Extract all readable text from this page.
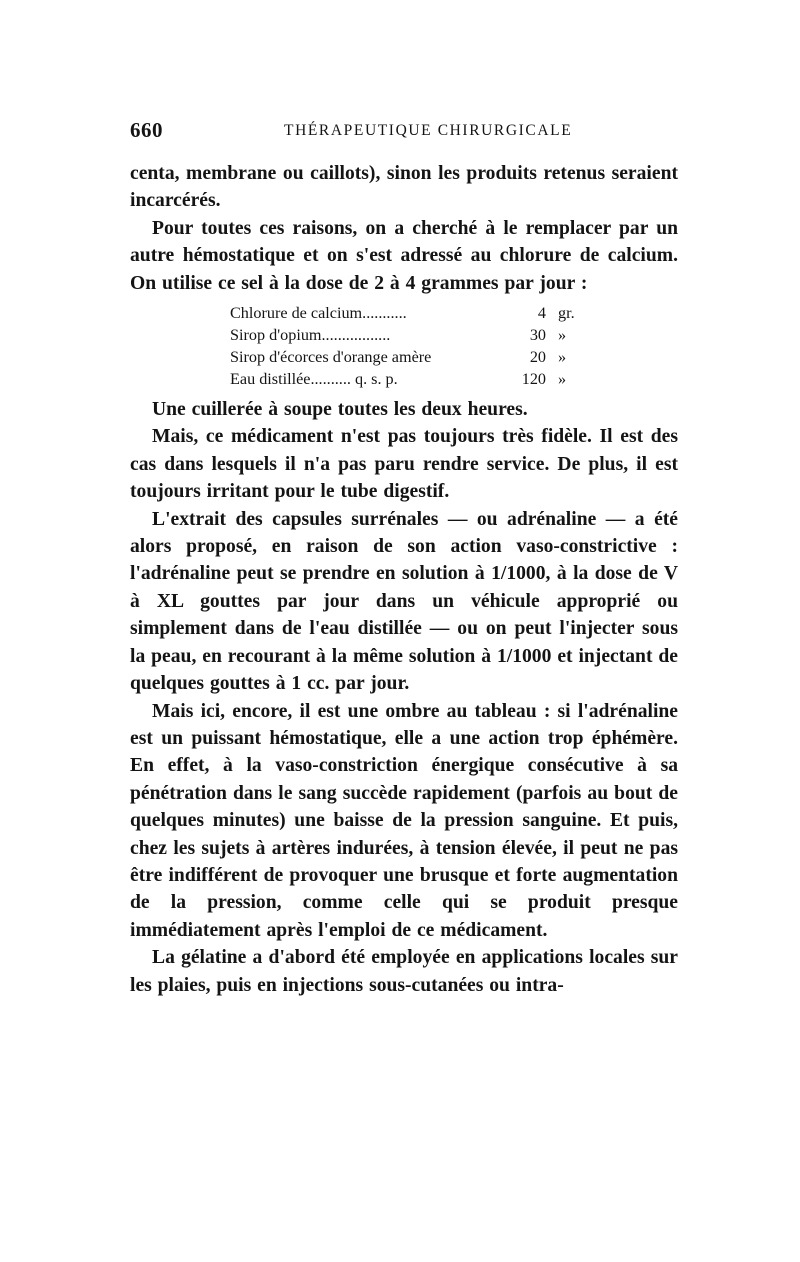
660	THÉRAPEUTIQUE CHIRURGICALE

centa, membrane ou caillots), sinon les produits retenus seraient incarcérés.

Pour toutes ces raisons, on a cherché à le remplacer par un autre hémostatique et on s'est adressé au chlorure de calcium. On utilise ce sel à la dose de 2 à 4 grammes par jour :

Chlorure de calcium...........	4 gr.
Sirop d'opium.................	30 »
Sirop d'écorces d'orange amère	20 »
Eau distillée.......... q. s. p.	120 »

Une cuillerée à soupe toutes les deux heures.

Mais, ce médicament n'est pas toujours très fidèle. Il est des cas dans lesquels il n'a pas paru rendre service. De plus, il est toujours irritant pour le tube digestif.

L'extrait des capsules surrénales — ou adrénaline — a été alors proposé, en raison de son action vaso-constrictive : l'adrénaline peut se prendre en solution à 1/1000, à la dose de V à XL gouttes par jour dans un véhicule approprié ou simplement dans de l'eau distillée — ou on peut l'injecter sous la peau, en recourant à la même solution à 1/1000 et injectant de quelques gouttes à 1 cc. par jour.

Mais ici, encore, il est une ombre au tableau : si l'adrénaline est un puissant hémostatique, elle a une action trop éphémère. En effet, à la vaso-constriction énergique consécutive à sa pénétration dans le sang succède rapidement (parfois au bout de quelques minutes) une baisse de la pression sanguine. Et puis, chez les sujets à artères indurées, à tension élevée, il peut ne pas être indifférent de provoquer une brusque et forte augmentation de la pression, comme celle qui se produit presque immédiatement après l'emploi de ce médicament.

La gélatine a d'abord été employée en applications locales sur les plaies, puis en injections sous-cutanées ou intra-
